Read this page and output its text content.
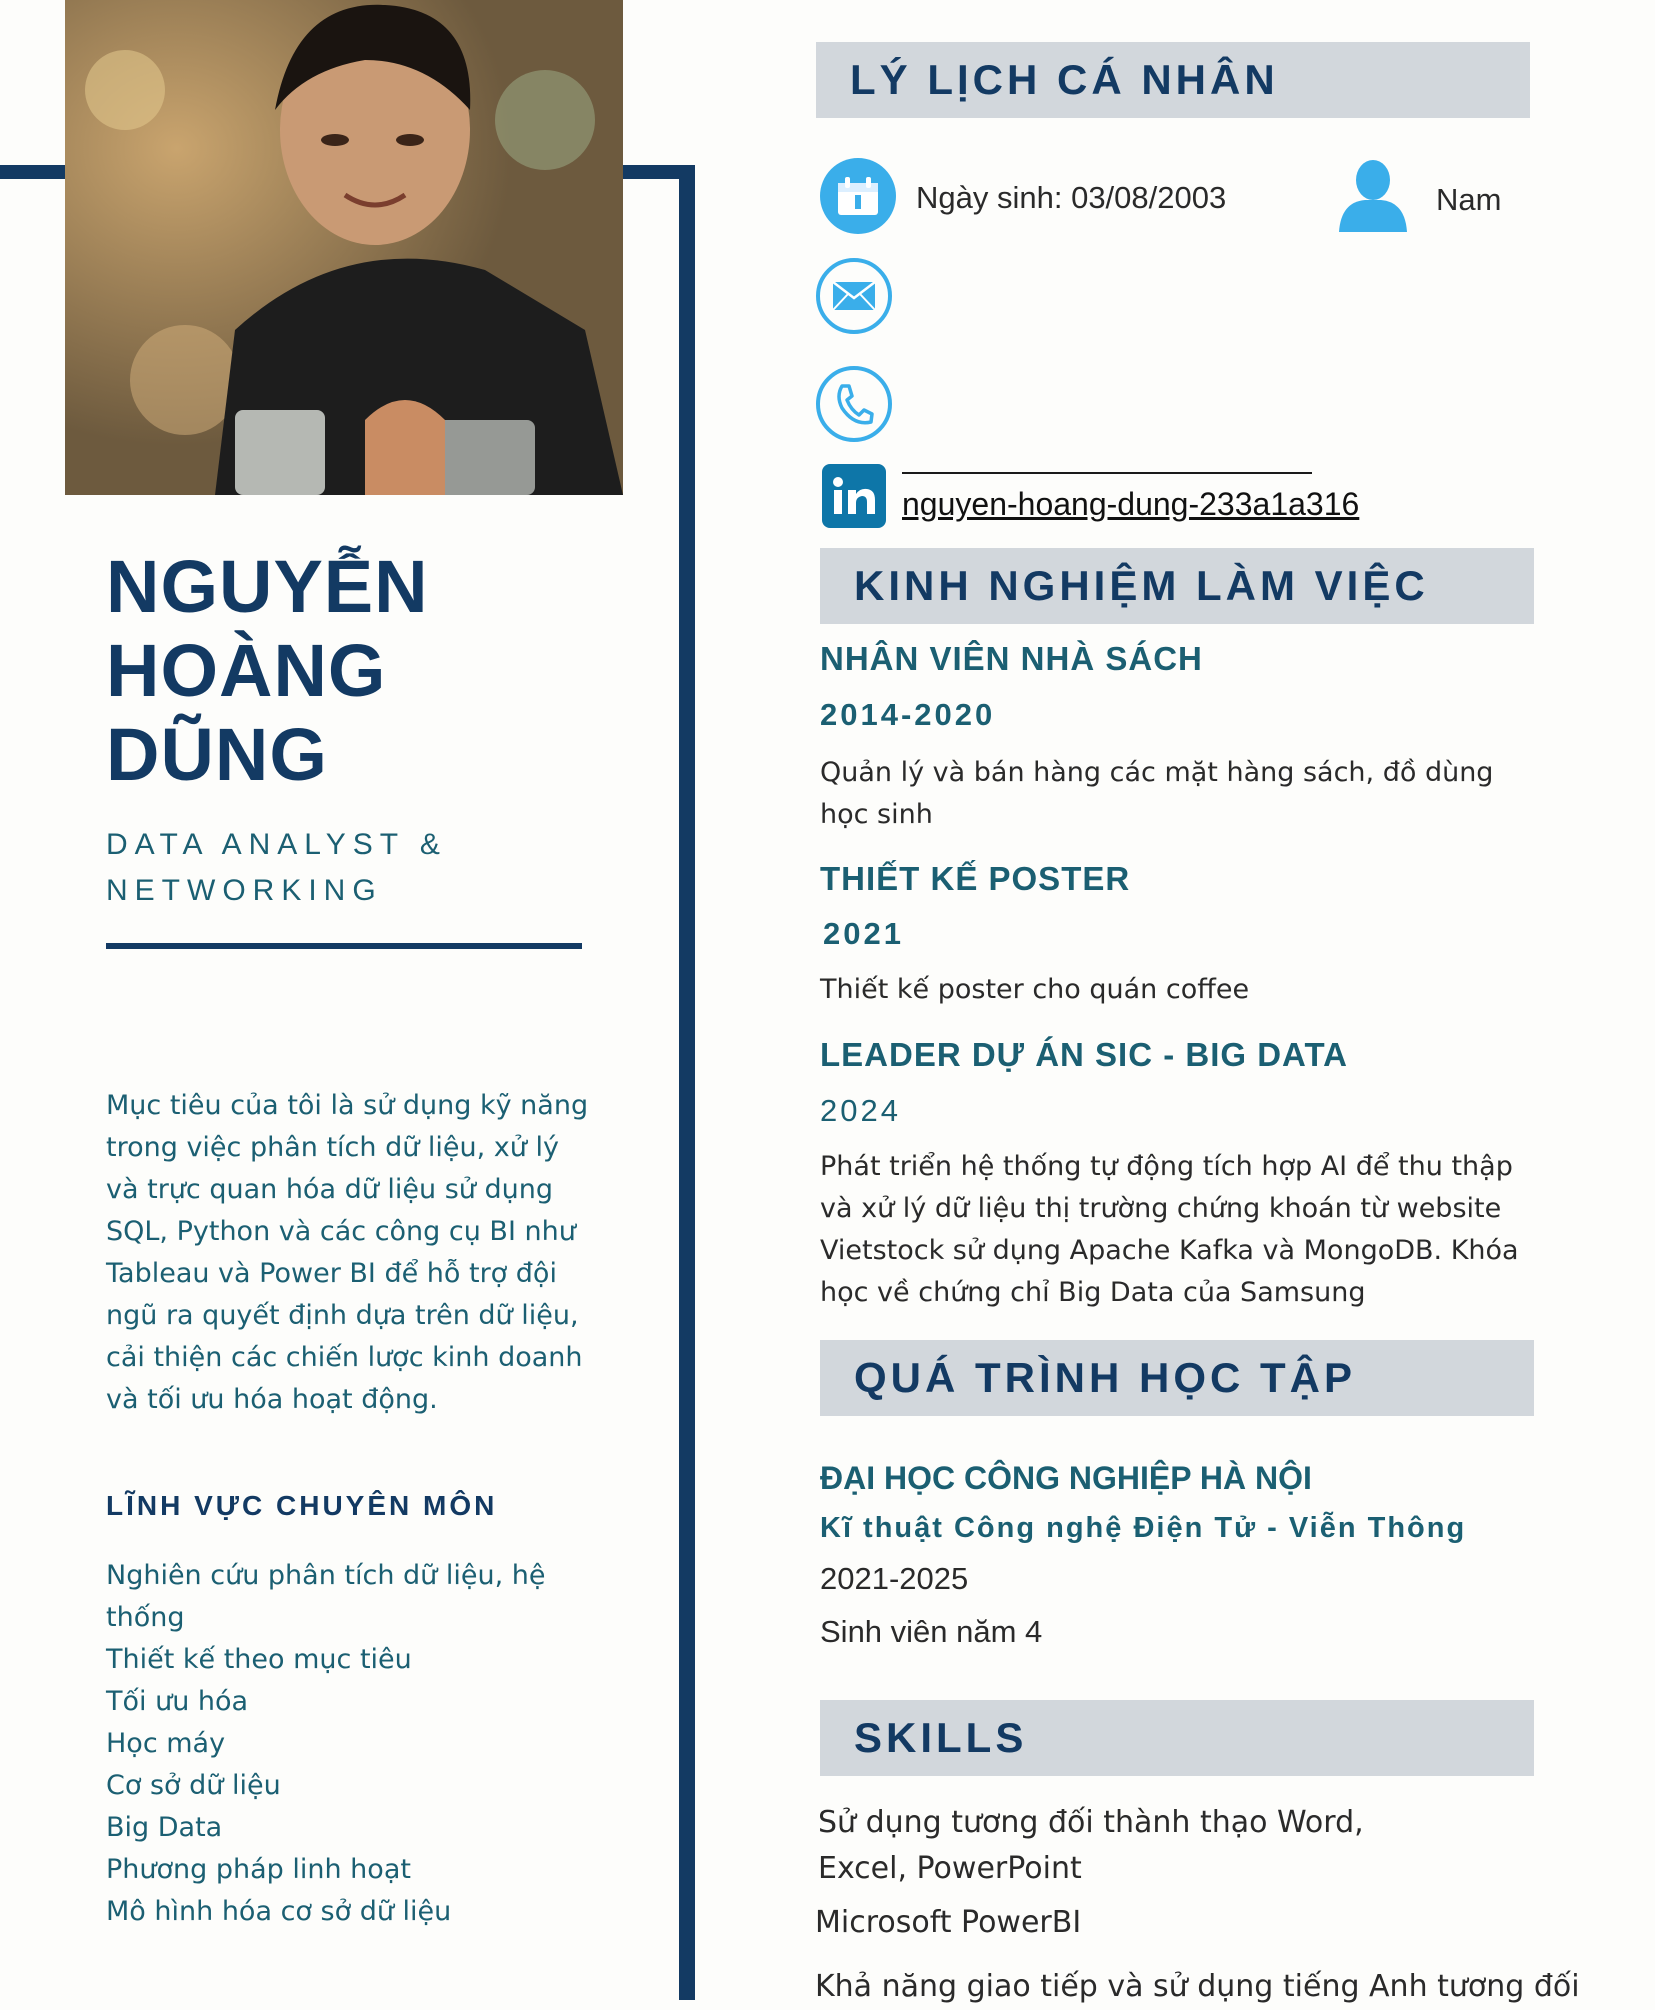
NGUYỄN
HOÀNG DŨNG
DATA ANALYST &
NETWORKING
Mục tiêu của tôi là sử dụng kỹ năng trong việc phân tích dữ liệu, xử lý và trực quan hóa dữ liệu sử dụng SQL, Python và các công cụ BI như Tableau và Power BI để hỗ trợ đội ngũ ra quyết định dựa trên dữ liệu, cải thiện các chiến lược kinh doanh và tối ưu hóa hoạt động.
LĨNH VỰC CHUYÊN MÔN
Nghiên cứu phân tích dữ liệu, hệ thống
Thiết kế theo mục tiêu
Tối ưu hóa
Học máy
Cơ sở dữ liệu
Big Data
Phương pháp linh hoạt
Mô hình hóa cơ sở dữ liệu
LÝ LỊCH CÁ NHÂN
Ngày sinh: 03/08/2003	Nam
nguyen-hoang-dung-233a1a316
KINH NGHIỆM LÀM VIỆC
NHÂN VIÊN NHÀ SÁCH
2014-2020
Quản lý và bán hàng các mặt hàng sách, đồ dùng học sinh
THIẾT KẾ POSTER
2021
Thiết kế poster cho quán coffee
LEADER DỰ ÁN SIC - BIG DATA
2024
Phát triển hệ thống tự động tích hợp AI để thu thập và xử lý dữ liệu thị trường chứng khoán từ website Vietstock sử dụng Apache Kafka và MongoDB. Khóa học về chứng chỉ Big Data của Samsung
QUÁ TRÌNH HỌC TẬP
ĐẠI HỌC CÔNG NGHIỆP HÀ NỘI
Kĩ thuật Công nghệ Điện Tử - Viễn Thông
2021-2025
Sinh viên năm 4
SKILLS
Sử dụng tương đối thành thạo Word, Excel, PowerPoint
Microsoft PowerBI
Khả năng giao tiếp và sử dụng tiếng Anh tương đối
